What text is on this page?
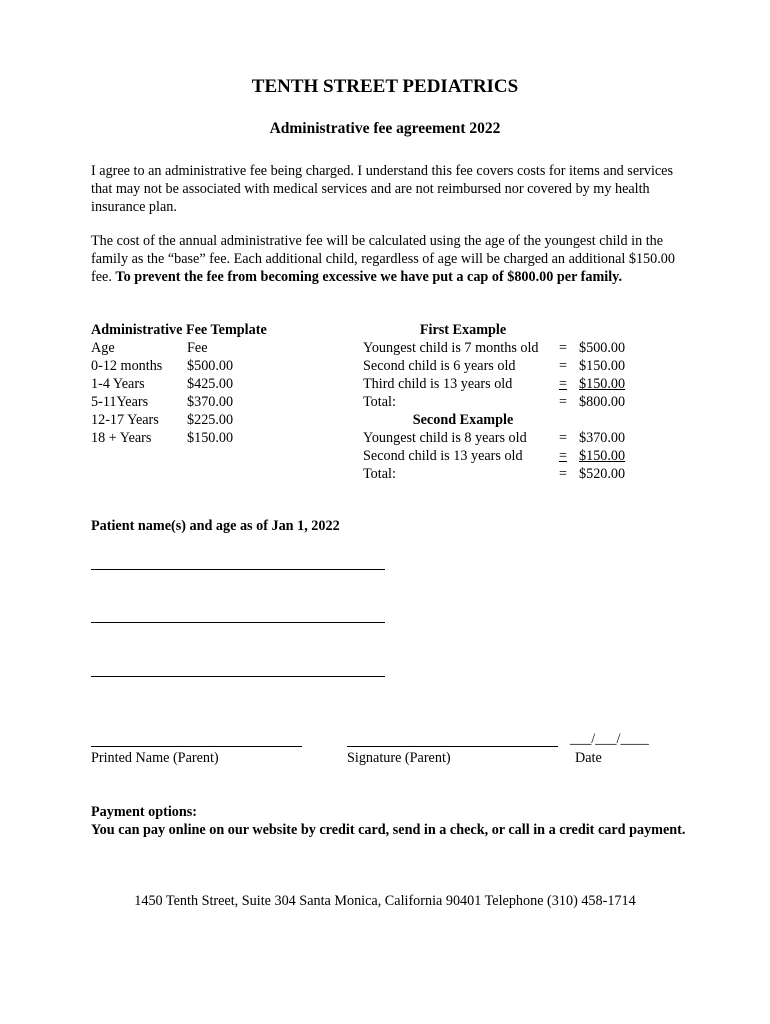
TENTH STREET PEDIATRICS
Administrative fee agreement 2022
I agree to an administrative fee being charged. I understand this fee covers costs for items and services that may not be associated with medical services and are not reimbursed nor covered by my health insurance plan.
The cost of the annual administrative fee will be calculated using the age of the youngest child in the family as the “base” fee. Each additional child, regardless of age will be charged an additional $150.00 fee. To prevent the fee from becoming excessive we have put a cap of $800.00 per family.
Administrative Fee Template
Age	Fee
0-12 months	$500.00
1-4 Years	$425.00
5-11Years	$370.00
12-17 Years	$225.00
18 + Years	$150.00
First Example
Youngest child is 7 months old	= $500.00
Second child is 6 years old	= $150.00
Third child is 13 years old	= $150.00
Total:	= $800.00
Second Example
Youngest child is 8 years old	= $370.00
Second child is 13 years old	= $150.00
Total:	= $520.00
Patient name(s) and age as of Jan 1, 2022
Printed Name (Parent)	Signature (Parent)
___/___/____
Date
Payment options:
You can pay online on our website by credit card, send in a check, or call in a credit card payment.
1450 Tenth Street, Suite 304 Santa Monica, California 90401 Telephone (310) 458-1714
